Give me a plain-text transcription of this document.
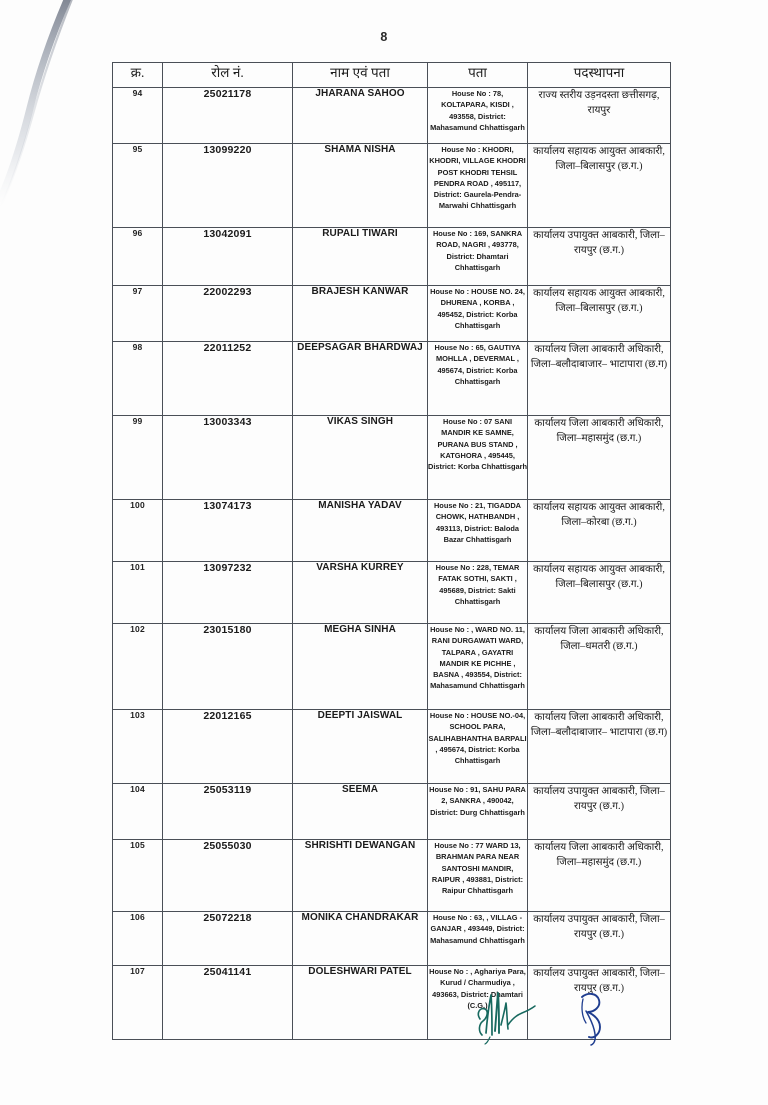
8
क्र.	रोल नं.	नाम एवं पता	पता	पदस्थापना
94	25021178	JHARANA SAHOO	House No : 78, KOLTAPARA, KISDI , 493558, District: Mahasamund Chhattisgarh	राज्य स्तरीय उड़नदस्ता छत्तीसगढ़, रायपुर
95	13099220	SHAMA NISHA	House No : KHODRI, KHODRI, VILLAGE KHODRI POST KHODRI TEHSIL PENDRA ROAD , 495117, District: Gaurela-Pendra-Marwahi Chhattisgarh	कार्यालय सहायक आयुक्त आबकारी, जिला–बिलासपुर (छ.ग.)
96	13042091	RUPALI TIWARI	House No : 169, SANKRA ROAD, NAGRI , 493778, District: Dhamtari Chhattisgarh	कार्यालय उपायुक्त आबकारी, जिला–रायपुर (छ.ग.)
97	22002293	BRAJESH KANWAR	House No : HOUSE NO. 24, DHURENA , KORBA , 495452, District: Korba Chhattisgarh	कार्यालय सहायक आयुक्त आबकारी, जिला–बिलासपुर (छ.ग.)
98	22011252	DEEPSAGAR BHARDWAJ	House No : 65, GAUTIYA MOHLLA , DEVERMAL , 495674, District: Korba Chhattisgarh	कार्यालय जिला आबकारी अधिकारी, जिला–बलौदाबाजार– भाटापारा (छ.ग)
99	13003343	VIKAS SINGH	House No : 07 SANI MANDIR KE SAMNE, PURANA BUS STAND , KATGHORA , 495445, District: Korba Chhattisgarh	कार्यालय जिला आबकारी अधिकारी, जिला–महासमुंद (छ.ग.)
100	13074173	MANISHA YADAV	House No : 21, TIGADDA CHOWK, HATHBANDH , 493113, District: Baloda Bazar Chhattisgarh	कार्यालय सहायक आयुक्त आबकारी, जिला–कोरबा (छ.ग.)
101	13097232	VARSHA KURREY	House No : 228, TEMAR FATAK SOTHI, SAKTI , 495689, District: Sakti Chhattisgarh	कार्यालय सहायक आयुक्त आबकारी, जिला–बिलासपुर (छ.ग.)
102	23015180	MEGHA SINHA	House No : , WARD NO. 11, RANI DURGAWATI WARD, TALPARA , GAYATRI MANDIR KE PICHHE , BASNA , 493554, District: Mahasamund Chhattisgarh	कार्यालय जिला आबकारी अधिकारी, जिला–धमतरी (छ.ग.)
103	22012165	DEEPTI JAISWAL	House No : HOUSE NO.-04, SCHOOL PARA, SALIHABHANTHA BARPALI , 495674, District: Korba Chhattisgarh	कार्यालय जिला आबकारी अधिकारी, जिला–बलौदाबाजार– भाटापारा (छ.ग)
104	25053119	SEEMA	House No : 91, SAHU PARA 2, SANKRA , 490042, District: Durg Chhattisgarh	कार्यालय उपायुक्त आबकारी, जिला–रायपुर (छ.ग.)
105	25055030	SHRISHTI DEWANGAN	House No : 77 WARD 13, BRAHMAN PARA NEAR SANTOSHI MANDIR, RAIPUR , 493881, District: Raipur Chhattisgarh	कार्यालय जिला आबकारी अधिकारी, जिला–महासमुंद (छ.ग.)
106	25072218	MONIKA CHANDRAKAR	House No : 63, , VILLAG - GANJAR , 493449, District: Mahasamund Chhattisgarh	कार्यालय उपायुक्त आबकारी, जिला–रायपुर (छ.ग.)
107	25041141	DOLESHWARI PATEL	House No : , Aghariya Para, Kurud / Charmudiya , 493663, District: Dhamtari (C.G.)	कार्यालय उपायुक्त आबकारी, जिला–रायपुर (छ.ग.)
